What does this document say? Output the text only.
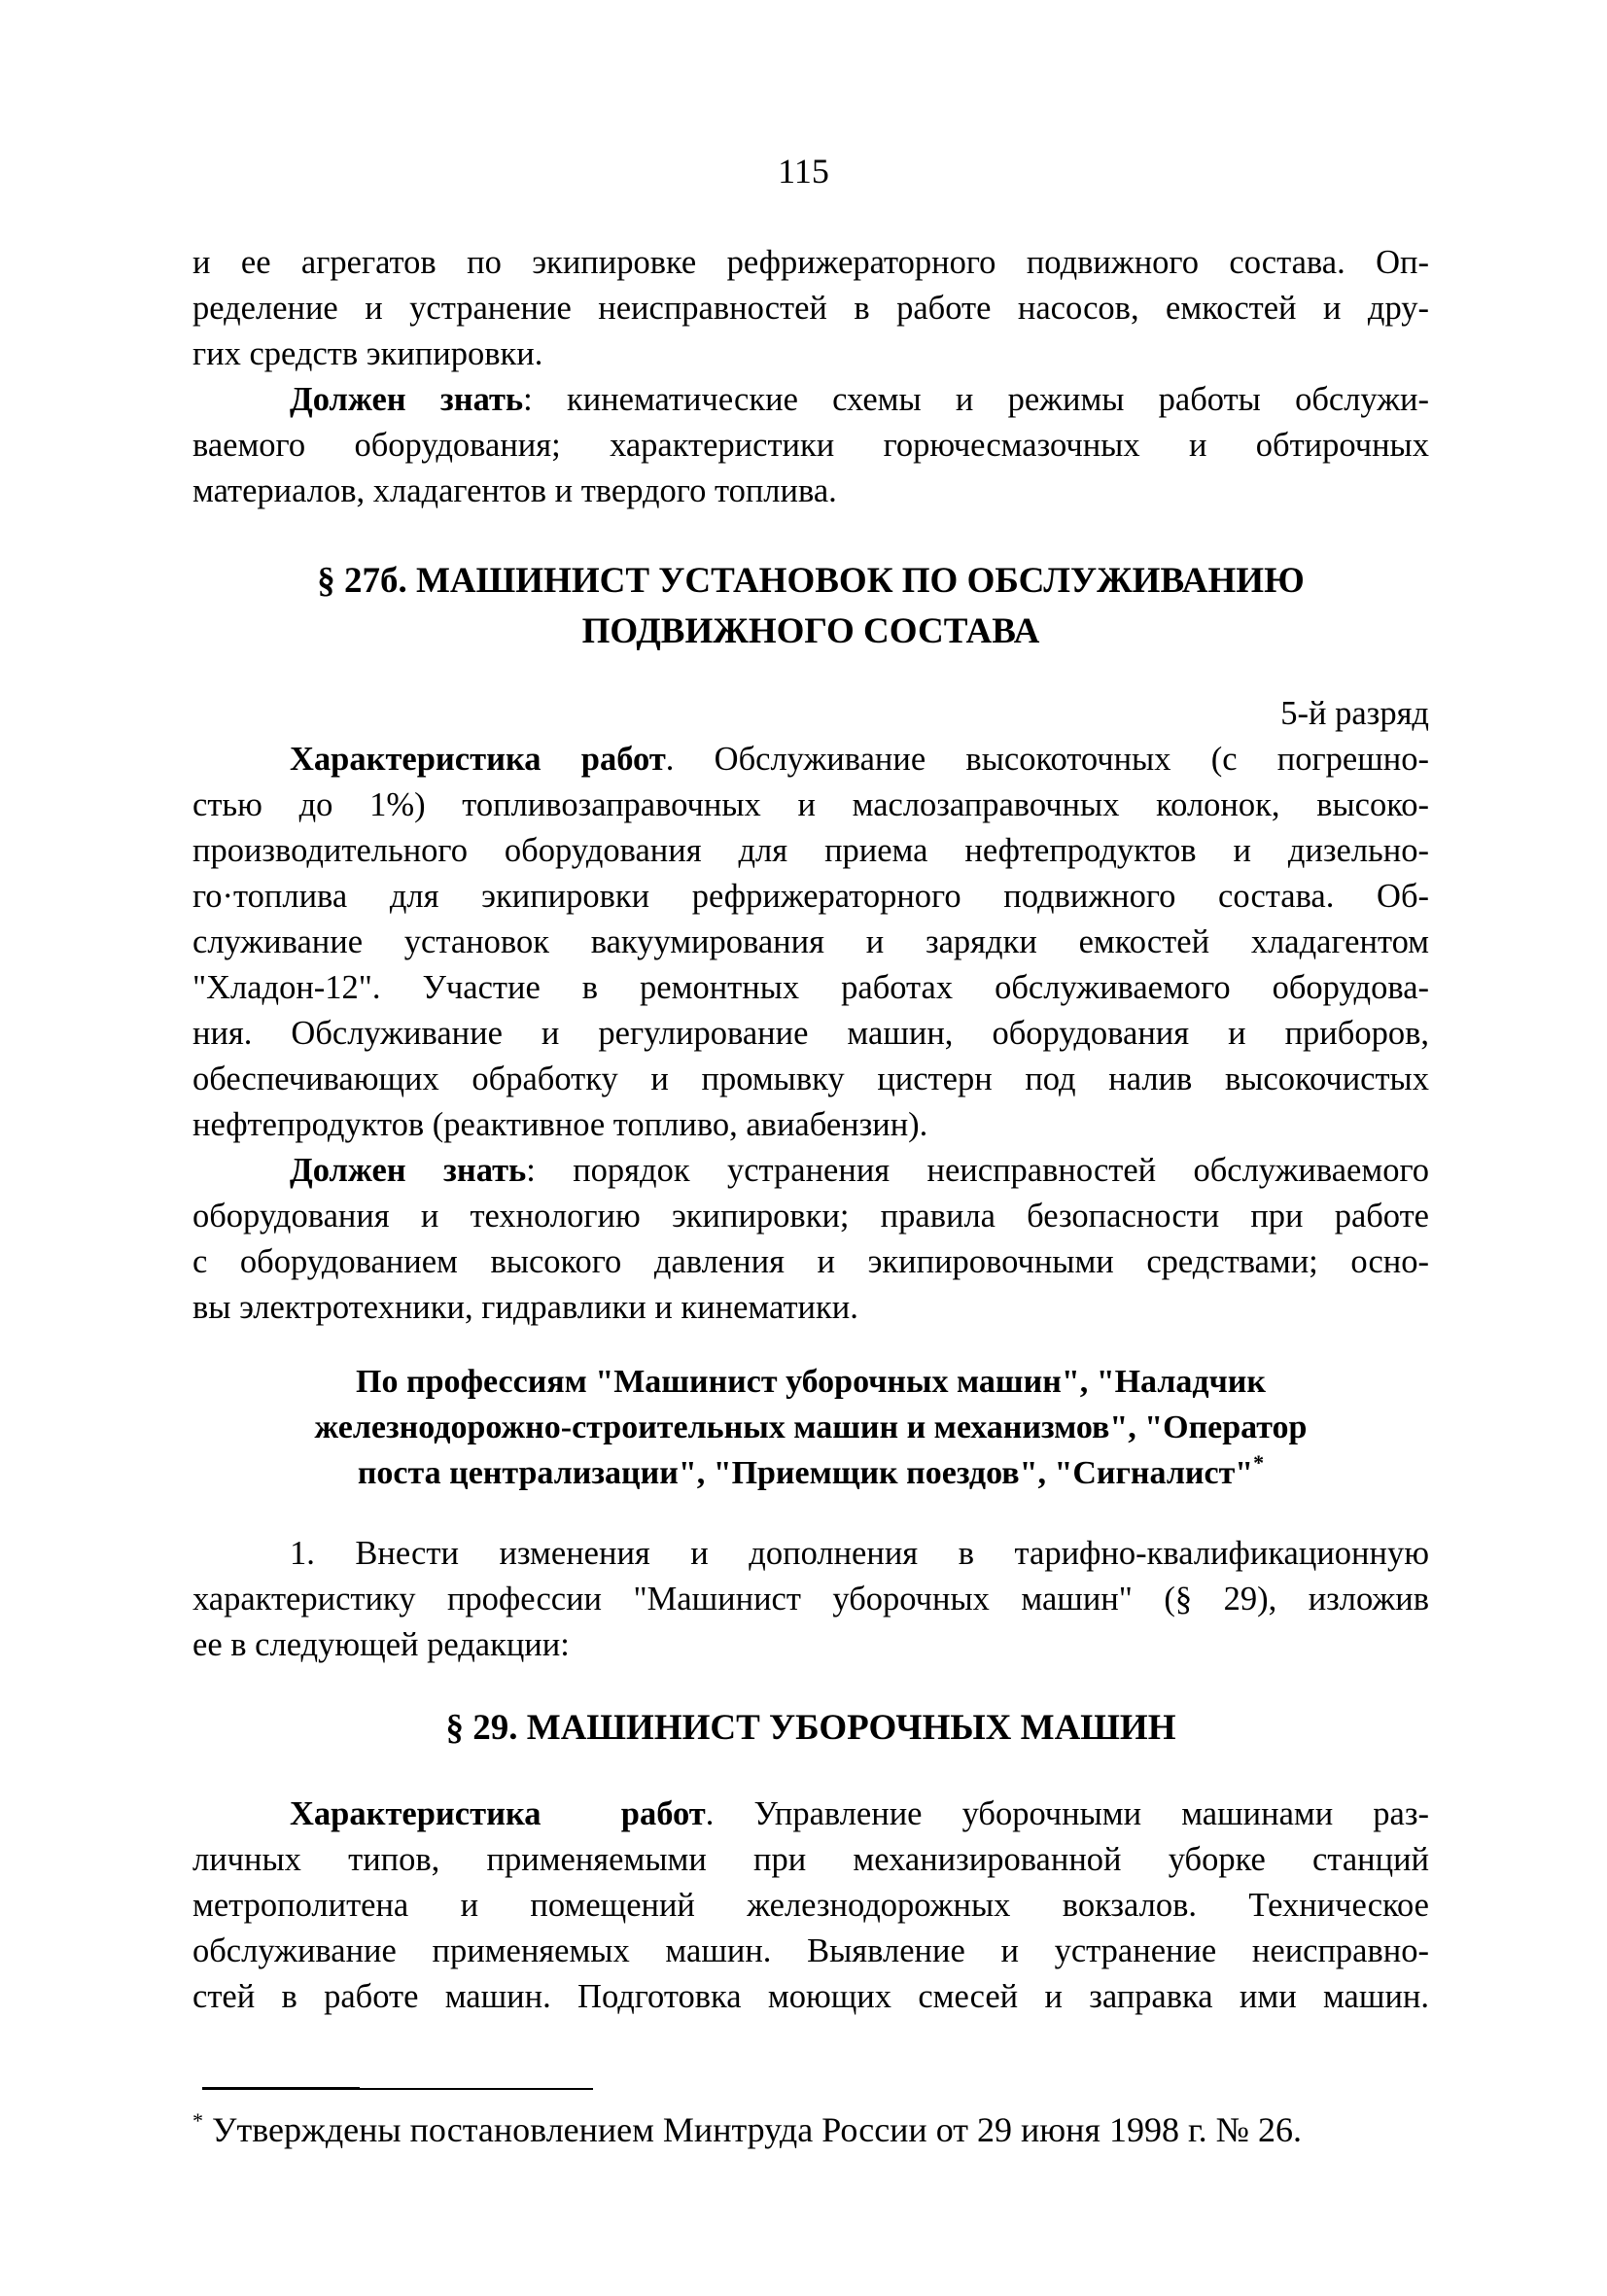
115
и ее агрегатов по экипировке рефрижераторного подвижного состава. Оп-
ределение и устранение неисправностей в работе насосов, емкостей и дру-
гих средств экипировки.
Должен знать: кинематические схемы и режимы работы обслужи-
ваемого оборудования; характеристики горючесмазочных и обтирочных
материалов, хладагентов и твердого топлива.
§ 27б. МАШИНИСТ УСТАНОВОК ПО ОБСЛУЖИВАНИЮ
ПОДВИЖНОГО СОСТАВА
5-й разряд
Характеристика работ. Обслуживание высокоточных (с погрешно-
стью до 1%) топливозаправочных и маслозаправочных колонок, высоко-
производительного оборудования для приема нефтепродуктов и дизельно-
го·топлива для экипировки рефрижераторного подвижного состава. Об-
служивание установок вакуумирования и зарядки емкостей хладагентом
"Хладон-12". Участие в ремонтных работах обслуживаемого оборудова-
ния. Обслуживание и регулирование машин, оборудования и приборов,
обеспечивающих обработку и промывку цистерн под налив высокочистых
нефтепродуктов (реактивное топливо, авиабензин).
Должен знать: порядок устранения неисправностей обслуживаемого
оборудования и технологию экипировки; правила безопасности при работе
с оборудованием высокого давления и экипировочными средствами; осно-
вы электротехники, гидравлики и кинематики.
По профессиям "Машинист уборочных машин", "Наладчик
железнодорожно-строительных машин и механизмов", "Оператор
поста централизации", "Приемщик поездов", "Сигналист"*
1. Внести изменения и дополнения в тарифно-квалификационную
характеристику профессии "Машинист уборочных машин" (§ 29), изложив
ее в следующей редакции:
§ 29. МАШИНИСТ УБОРОЧНЫХ МАШИН
Характеристика  работ. Управление уборочными машинами раз-
личных типов, применяемыми при механизированной уборке станций
метрополитена и помещений железнодорожных вокзалов. Техническое
обслуживание применяемых машин. Выявление и устранение неисправно-
стей в работе машин. Подготовка моющих смесей и заправка ими машин.
* Утверждены постановлением Минтруда России от 29 июня 1998 г. № 26.
